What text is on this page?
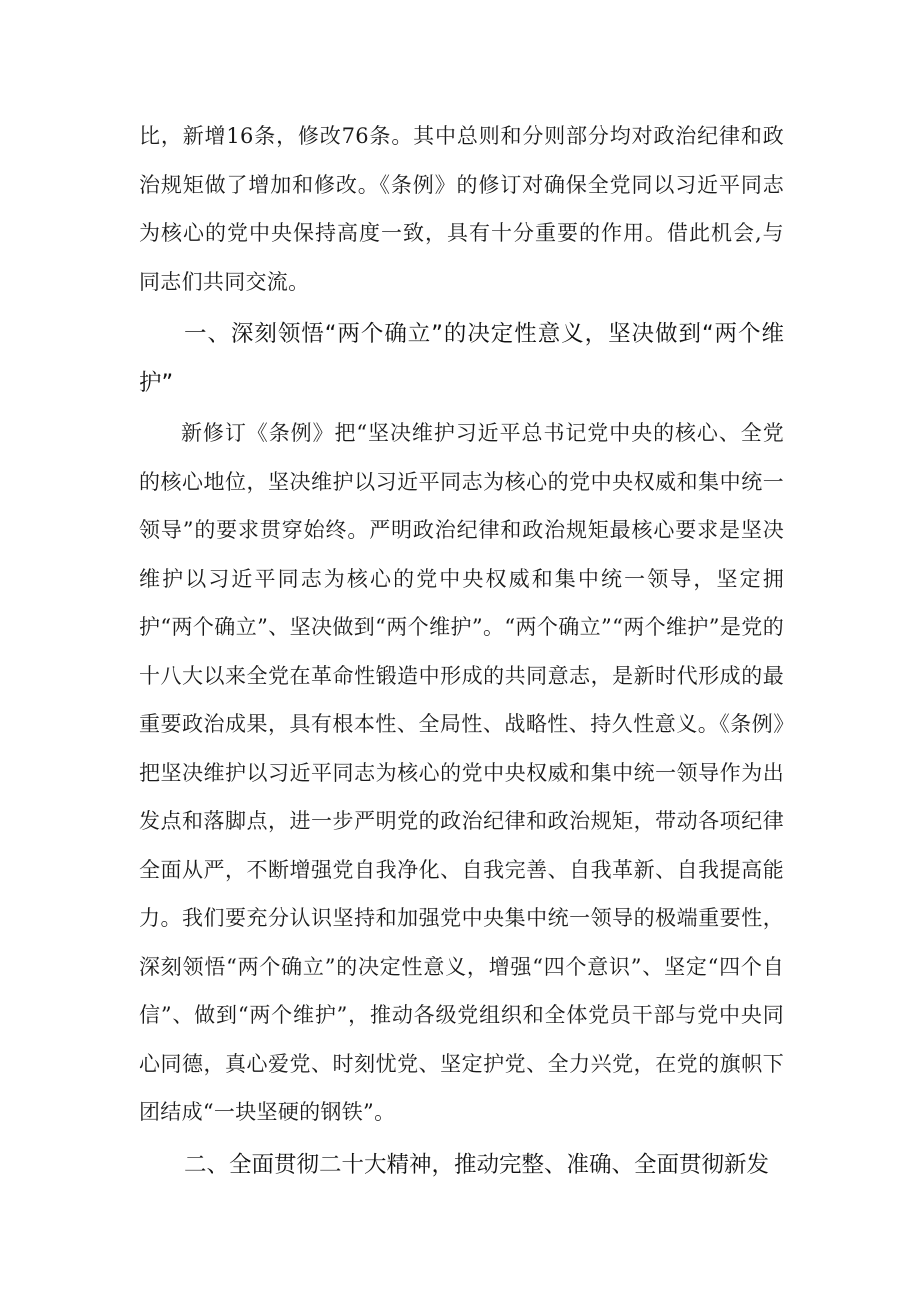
比，新增16条，修改76条。其中总则和分则部分均对政治纪律和政治规矩做了增加和修改。《条例》的修订对确保全党同以习近平同志为核心的党中央保持高度一致，具有十分重要的作用。借此机会,与同志们共同交流。

一、深刻领悟“两个确立”的决定性意义，坚决做到“两个维护”

新修订《条例》把“坚决维护习近平总书记党中央的核心、全党的核心地位，坚决维护以习近平同志为核心的党中央权威和集中统一领导”的要求贯穿始终。严明政治纪律和政治规矩最核心要求是坚决维护以习近平同志为核心的党中央权威和集中统一领导，坚定拥护“两个确立”、坚决做到“两个维护”。“两个确立”“两个维护”是党的十八大以来全党在革命性锻造中形成的共同意志，是新时代形成的最重要政治成果，具有根本性、全局性、战略性、持久性意义。《条例》把坚决维护以习近平同志为核心的党中央权威和集中统一领导作为出发点和落脚点，进一步严明党的政治纪律和政治规矩，带动各项纪律全面从严，不断增强党自我净化、自我完善、自我革新、自我提高能力。我们要充分认识坚持和加强党中央集中统一领导的极端重要性，深刻领悟“两个确立”的决定性意义，增强“四个意识”、坚定“四个自信”、做到“两个维护”，推动各级党组织和全体党员干部与党中央同心同德，真心爱党、时刻忧党、坚定护党、全力兴党，在党的旗帜下团结成“一块坚硬的钢铁”。

二、全面贯彻二十大精神，推动完整、准确、全面贯彻新发
